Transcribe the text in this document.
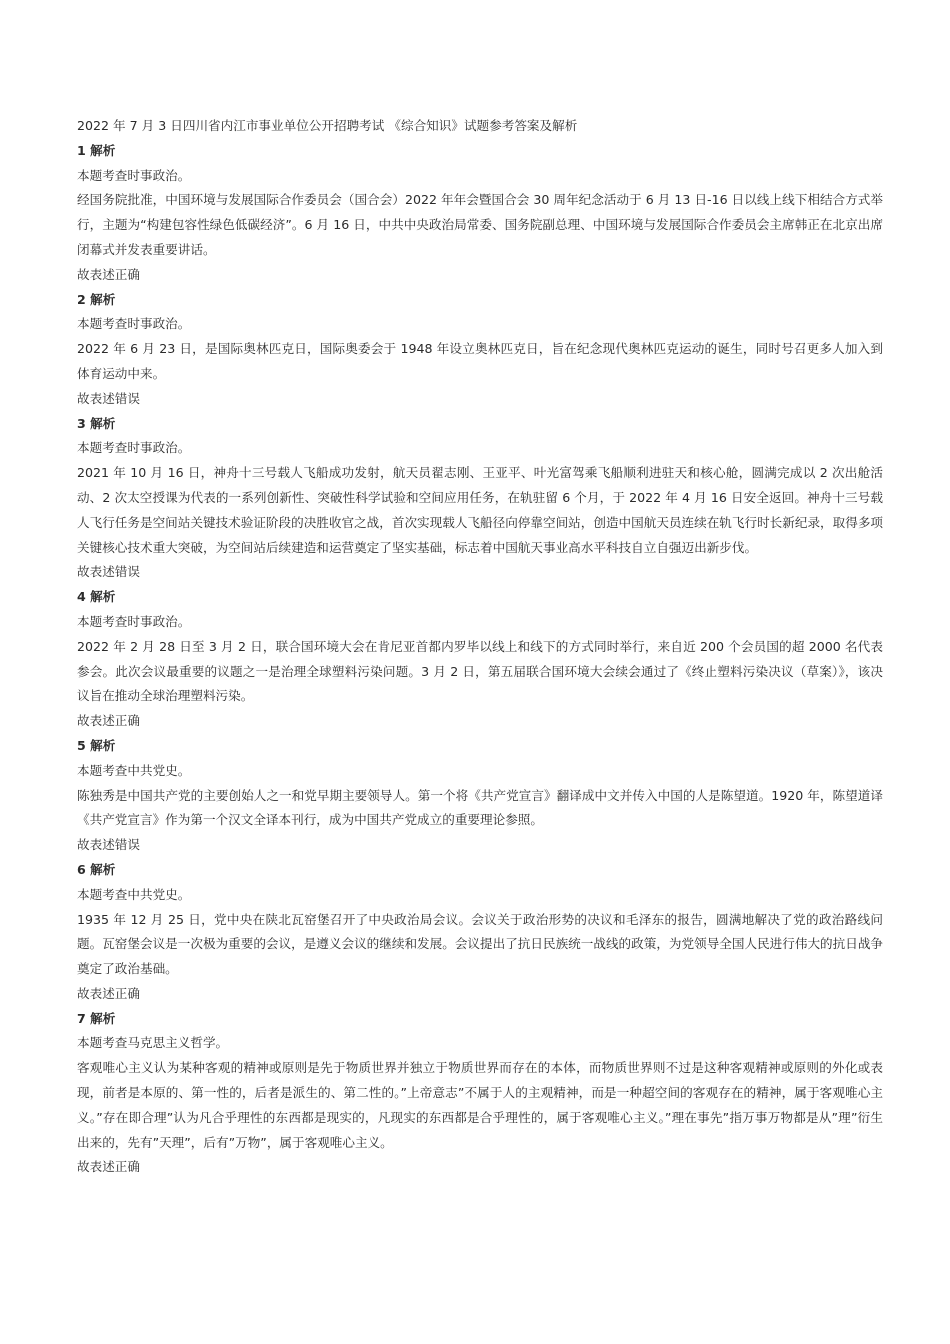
2022 年 7 月 3 日四川省内江市事业单位公开招聘考试 《综合知识》试题参考答案及解析

1 解析

本题考查时事政治。

经国务院批准，中国环境与发展国际合作委员会（国合会）2022 年年会暨国合会 30 周年纪念活动于 6 月 13 日-16 日以线上线下相结合方式举行，主题为“构建包容性绿色低碳经济”。6 月 16 日，中共中央政治局常委、国务院副总理、中国环境与发展国际合作委员会主席韩正在北京出席闭幕式并发表重要讲话。

故表述正确

2 解析

本题考查时事政治。

2022 年 6 月 23 日，是国际奥林匹克日，国际奥委会于 1948 年设立奥林匹克日，旨在纪念现代奥林匹克运动的诞生，同时号召更多人加入到体育运动中来。

故表述错误

3 解析

本题考查时事政治。

2021 年 10 月 16 日，神舟十三号载人飞船成功发射，航天员翟志刚、王亚平、叶光富驾乘飞船顺利进驻天和核心舱，圆满完成以 2 次出舱活动、2 次太空授课为代表的一系列创新性、突破性科学试验和空间应用任务，在轨驻留 6 个月，于 2022 年 4 月 16 日安全返回。神舟十三号载人飞行任务是空间站关键技术验证阶段的决胜收官之战，首次实现载人飞船径向停靠空间站，创造中国航天员连续在轨飞行时长新纪录，取得多项关键核心技术重大突破，为空间站后续建造和运营奠定了坚实基础，标志着中国航天事业高水平科技自立自强迈出新步伐。

故表述错误

4 解析

本题考查时事政治。

2022 年 2 月 28 日至 3 月 2 日，联合国环境大会在肯尼亚首都内罗毕以线上和线下的方式同时举行，来自近 200 个会员国的超 2000 名代表参会。此次会议最重要的议题之一是治理全球塑料污染问题。3 月 2 日，第五届联合国环境大会续会通过了《终止塑料污染决议（草案）》，该决议旨在推动全球治理塑料污染。

故表述正确

5 解析

本题考查中共党史。

陈独秀是中国共产党的主要创始人之一和党早期主要领导人。第一个将《共产党宣言》翻译成中文并传入中国的人是陈望道。1920 年，陈望道译《共产党宣言》作为第一个汉文全译本刊行，成为中国共产党成立的重要理论参照。

故表述错误

6 解析

本题考查中共党史。

1935 年 12 月 25 日，党中央在陕北瓦窑堡召开了中央政治局会议。会议关于政治形势的决议和毛泽东的报告，圆满地解决了党的政治路线问题。瓦窑堡会议是一次极为重要的会议，是遵义会议的继续和发展。会议提出了抗日民族统一战线的政策，为党领导全国人民进行伟大的抗日战争奠定了政治基础。

故表述正确

7 解析

本题考查马克思主义哲学。

客观唯心主义认为某种客观的精神或原则是先于物质世界并独立于物质世界而存在的本体，而物质世界则不过是这种客观精神或原则的外化或表现，前者是本原的、第一性的，后者是派生的、第二性的。”上帝意志”不属于人的主观精神，而是一种超空间的客观存在的精神，属于客观唯心主义。”存在即合理”认为凡合乎理性的东西都是现实的，凡现实的东西都是合乎理性的，属于客观唯心主义。”理在事先”指万事万物都是从”理”衍生出来的，先有”天理”，后有”万物”，属于客观唯心主义。

故表述正确
